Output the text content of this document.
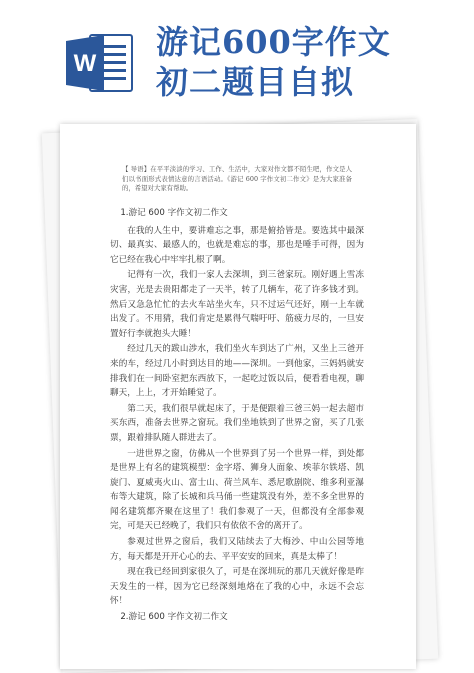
W
游记600字作文
初二题目自拟
【 导语】在平平淡淡的学习、工作、生活中，大家对作文都不陌生吧，作文是人们以书面形式表情达意的言语活动。《游记 600 字作文初二作文》是为大家准备的，希望对大家有帮助。

1.游记 600 字作文初二作文

在我的人生中，要讲难忘之事，那是俯拾皆是。要选其中最深切、最真实、最感人的，也就是难忘的事，那也是唾手可得，因为它已经在我心中牢牢扎根了啊。

记得有一次，我们一家人去深圳，到三爸家玩。刚好遇上雪冻灾害，光是去贵阳都走了一天半，转了几辆车，花了许多钱才到。然后又急急忙忙的去火车站坐火车，只不过运气还好，刚一上车就出发了。不用猜，我们肯定是累得气喘吁吁、筋疲力尽的，一旦安置好行李就抱头大睡！

经过几天的跋山涉水，我们坐火车到达了广州，又坐上三爸开来的车，经过几小时到达目的地——深圳。一到他家，三妈妈就安排我们在一间卧室把东西放下，一起吃过饭以后，便看看电视，聊聊天，上上，才开始睡觉了。

第二天，我们很早就起床了，于是便跟着三爸三妈一起去超市买东西，准备去世界之窗玩。我们坐地铁到了世界之窗，买了几张票，跟着排队随人群进去了。

一进世界之窗，仿佛从一个世界到了另一个世界一样，到处都是世界上有名的建筑模型：金字塔、狮身人面象、埃菲尔铁塔、凯旋门、夏威夷火山、富士山、荷兰风车、悉尼歌剧院、维多利亚瀑布等大建筑，除了长城和兵马俑一些建筑没有外，差不多全世界的闻名建筑都齐聚在这里了！我们参观了一天，但都没有全部参观完，可是天已经晚了，我们只有依依不舍的离开了。

参观过世界之窗后，我们又陆续去了大梅沙、中山公园等地方，每天都是开开心心的去、平平安安的回来，真是太棒了！

现在我已经回到家很久了，可是在深圳玩的那几天就好像是昨天发生的一样，因为它已经深刻地烙在了我的心中，永远不会忘怀！

2.游记 600 字作文初二作文
